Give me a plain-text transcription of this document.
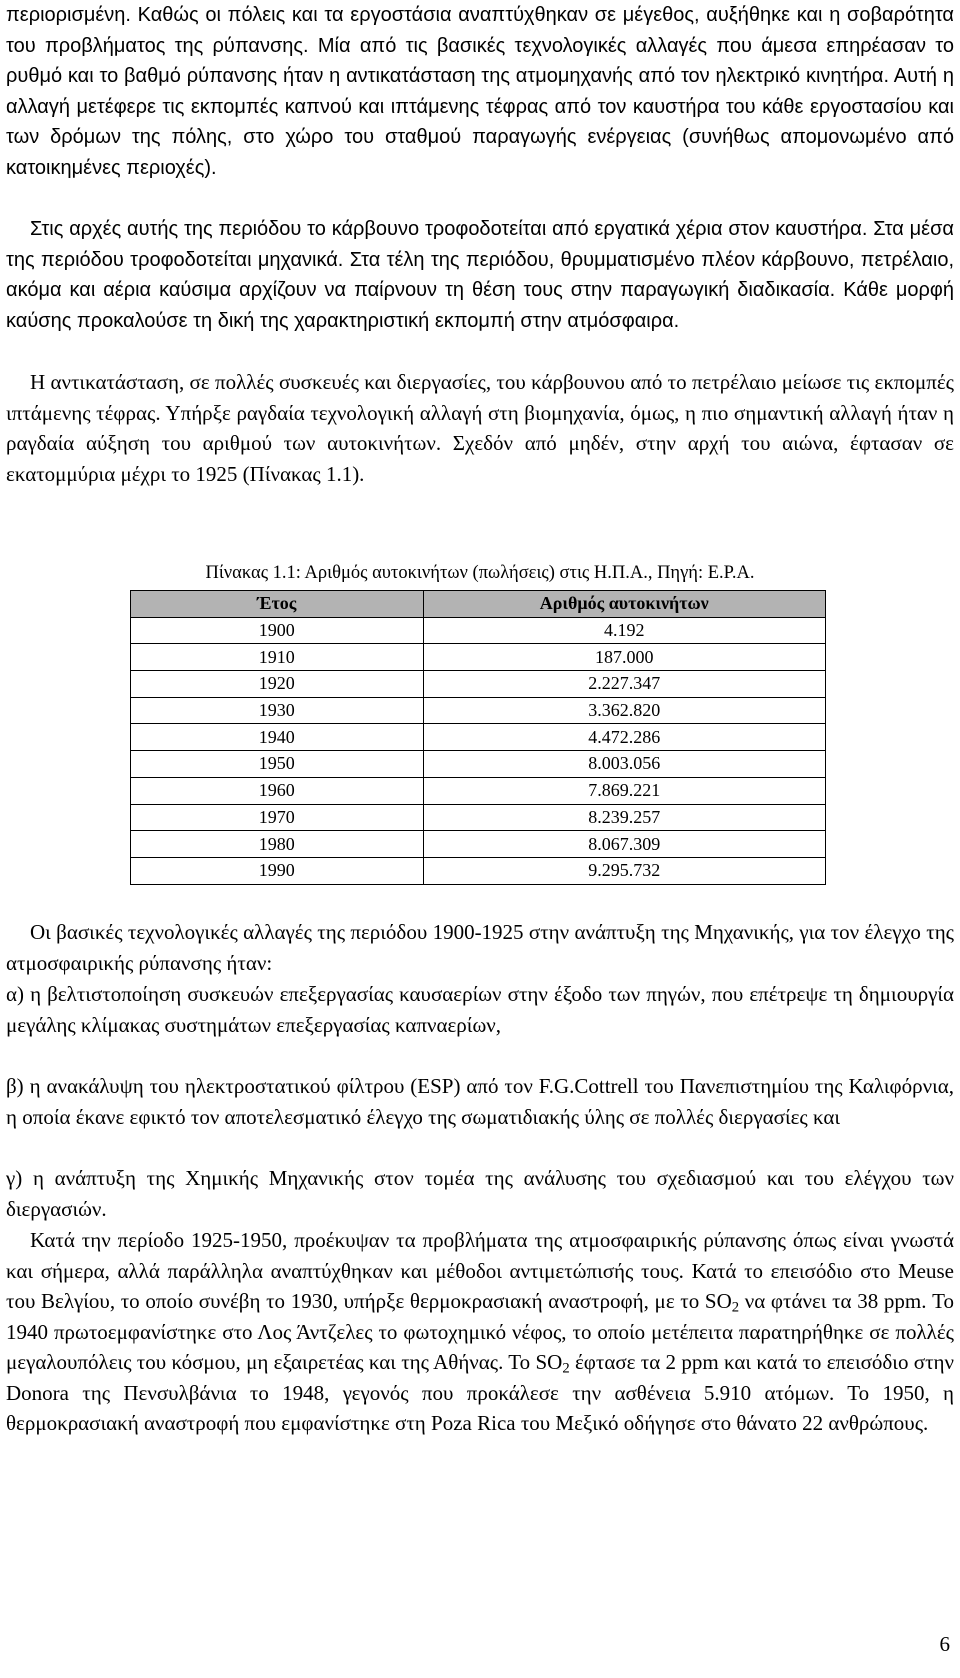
περιορισμένη. Καθώς οι πόλεις και τα εργοστάσια αναπτύχθηκαν σε μέγεθος, αυξήθηκε και η σοβαρότητα του προβλήματος της ρύπανσης. Μία από τις βασικές τεχνολογικές αλλαγές που άμεσα επηρέασαν το ρυθμό και το βαθμό ρύπανσης ήταν η αντικατάσταση της ατμομηχανής από τον ηλεκτρικό κινητήρα. Αυτή η αλλαγή μετέφερε τις εκπομπές καπνού και ιπτάμενης τέφρας από τον καυστήρα του κάθε εργοστασίου και των δρόμων της πόλης, στο χώρο του σταθμού παραγωγής ενέργειας (συνήθως απομονωμένο από κατοικημένες περιοχές).

Στις αρχές αυτής της περιόδου το κάρβουνο τροφοδοτείται από εργατικά χέρια στον καυστήρα. Στα μέσα της περιόδου τροφοδοτείται μηχανικά. Στα τέλη της περιόδου, θρυμματισμένο πλέον κάρβουνο, πετρέλαιο, ακόμα και αέρια καύσιμα αρχίζουν να παίρνουν τη θέση τους στην παραγωγική διαδικασία. Κάθε μορφή καύσης προκαλούσε τη δική της χαρακτηριστική εκπομπή στην ατμόσφαιρα.

Η αντικατάσταση, σε πολλές συσκευές και διεργασίες, του κάρβουνου από το πετρέλαιο μείωσε τις εκπομπές ιπτάμενης τέφρας. Υπήρξε ραγδαία τεχνολογική αλλαγή στη βιομηχανία, όμως, η πιο σημαντική αλλαγή ήταν η ραγδαία αύξηση του αριθμού των αυτοκινήτων. Σχεδόν από μηδέν, στην αρχή του αιώνα, έφτασαν σε εκατομμύρια μέχρι το 1925 (Πίνακας 1.1).

Πίνακας 1.1: Αριθμός αυτοκινήτων (πωλήσεις) στις Η.Π.Α., Πηγή: Ε.Ρ.Α.
Έτος	Αριθμός αυτοκινήτων
1900	4.192
1910	187.000
1920	2.227.347
1930	3.362.820
1940	4.472.286
1950	8.003.056
1960	7.869.221
1970	8.239.257
1980	8.067.309
1990	9.295.732

Οι βασικές τεχνολογικές αλλαγές της περιόδου 1900-1925 στην ανάπτυξη της Μηχανικής, για τον έλεγχο της ατμοσφαιρικής ρύπανσης ήταν:

α) η βελτιστοποίηση συσκευών επεξεργασίας καυσαερίων στην έξοδο των πηγών, που επέτρεψε τη δημιουργία μεγάλης κλίμακας συστημάτων επεξεργασίας καπναερίων,

β) η ανακάλυψη του ηλεκτροστατικού φίλτρου (ESP) από τον F.G.Cottrell του Πανεπιστημίου της Καλιφόρνια, η οποία έκανε εφικτό τον αποτελεσματικό έλεγχο της σωματιδιακής ύλης σε πολλές διεργασίες και

γ) η ανάπτυξη της Χημικής Μηχανικής στον τομέα της ανάλυσης του σχεδιασμού και του ελέγχου των διεργασιών.

Κατά την περίοδο 1925-1950, προέκυψαν τα προβλήματα της ατμοσφαιρικής ρύπανσης όπως είναι γνωστά και σήμερα, αλλά παράλληλα αναπτύχθηκαν και μέθοδοι αντιμετώπισής τους. Κατά το επεισόδιο στο Meuse του Βελγίου, το οποίο συνέβη το 1930, υπήρξε θερμοκρασιακή αναστροφή, με το $SO_2$ να φτάνει τα 38 ppm. Το 1940 πρωτοεμφανίστηκε στο Λος Άντζελες το φωτοχημικό νέφος, το οποίο μετέπειτα παρατηρήθηκε σε πολλές μεγαλουπόλεις του κόσμου, μη εξαιρετέας και της Αθήνας. Το $SO_2$ έφτασε τα 2 ppm και κατά το επεισόδιο στην Donora της Πενσυλβάνια το 1948, γεγονός που προκάλεσε την ασθένεια 5.910 ατόμων. Το 1950, η θερμοκρασιακή αναστροφή που εμφανίστηκε στη Poza Rica του Μεξικό οδήγησε στο θάνατο 22 ανθρώπους.

6
